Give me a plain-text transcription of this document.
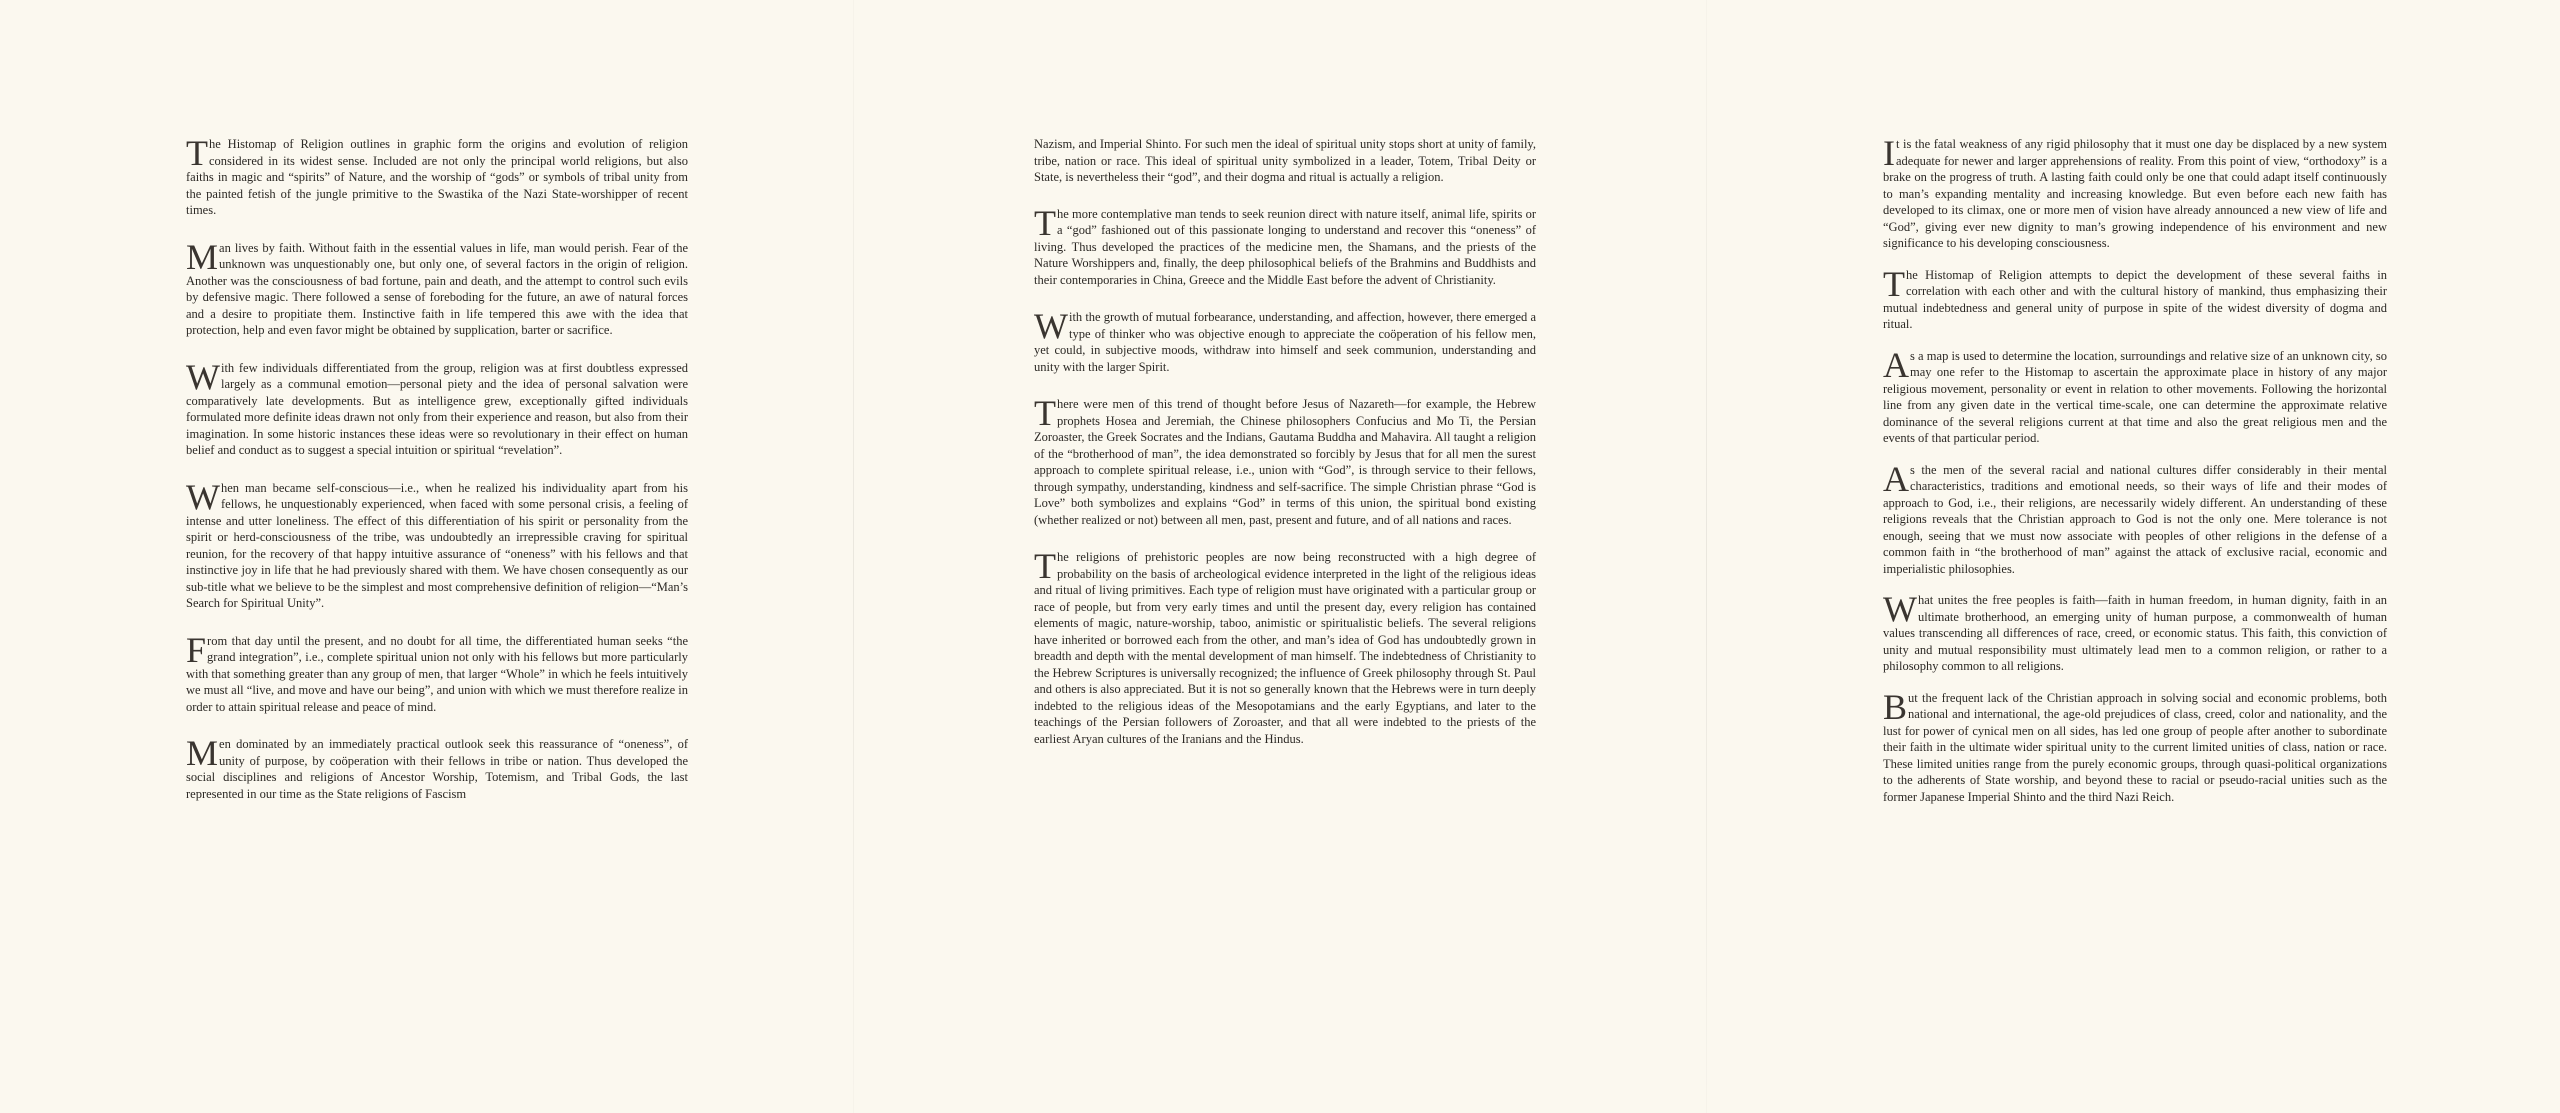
The Histomap of Religion outlines in graphic form the origins and evolution of religion considered in its widest sense. Included are not only the principal world religions, but also faiths in magic and “spirits” of Nature, and the worship of “gods” or symbols of tribal unity from the painted fetish of the jungle primitive to the Swastika of the Nazi State-worshipper of recent times.

Man lives by faith. Without faith in the essential values in life, man would perish. Fear of the unknown was unquestionably one, but only one, of several factors in the origin of religion. Another was the consciousness of bad fortune, pain and death, and the attempt to control such evils by defensive magic. There followed a sense of foreboding for the future, an awe of natural forces and a desire to propitiate them. Instinctive faith in life tempered this awe with the idea that protection, help and even favor might be obtained by supplication, barter or sacrifice.

With few individuals differentiated from the group, religion was at first doubtless expressed largely as a communal emotion—personal piety and the idea of personal salvation were comparatively late developments. But as intelligence grew, exceptionally gifted individuals formulated more definite ideas drawn not only from their experience and reason, but also from their imagination. In some historic instances these ideas were so revolutionary in their effect on human belief and conduct as to suggest a special intuition or spiritual “revelation”.

When man became self-conscious—i.e., when he realized his individuality apart from his fellows, he unquestionably experienced, when faced with some personal crisis, a feeling of intense and utter loneliness. The effect of this differentiation of his spirit or personality from the spirit or herd-consciousness of the tribe, was undoubtedly an irrepressible craving for spiritual reunion, for the recovery of that happy intuitive assurance of “oneness” with his fellows and that instinctive joy in life that he had previously shared with them. We have chosen consequently as our sub-title what we believe to be the simplest and most comprehensive definition of religion—“Man’s Search for Spiritual Unity”.

From that day until the present, and no doubt for all time, the differentiated human seeks “the grand integration”, i.e., complete spiritual union not only with his fellows but more particularly with that something greater than any group of men, that larger “Whole” in which he feels intuitively we must all “live, and move and have our being”, and union with which we must therefore realize in order to attain spiritual release and peace of mind.

Men dominated by an immediately practical outlook seek this reassurance of “oneness”, of unity of purpose, by coöperation with their fellows in tribe or nation. Thus developed the social disciplines and religions of Ancestor Worship, Totemism, and Tribal Gods, the last represented in our time as the State religions of Fascism

Nazism, and Imperial Shinto. For such men the ideal of spiritual unity stops short at unity of family, tribe, nation or race. This ideal of spiritual unity symbolized in a leader, Totem, Tribal Deity or State, is nevertheless their “god”, and their dogma and ritual is actually a religion.

The more contemplative man tends to seek reunion direct with nature itself, animal life, spirits or a “god” fashioned out of this passionate longing to understand and recover this “oneness” of living. Thus developed the practices of the medicine men, the Shamans, and the priests of the Nature Worshippers and, finally, the deep philosophical beliefs of the Brahmins and Buddhists and their contemporaries in China, Greece and the Middle East before the advent of Christianity.

With the growth of mutual forbearance, understanding, and affection, however, there emerged a type of thinker who was objective enough to appreciate the coöperation of his fellow men, yet could, in subjective moods, withdraw into himself and seek communion, understanding and unity with the larger Spirit.

There were men of this trend of thought before Jesus of Nazareth—for example, the Hebrew prophets Hosea and Jeremiah, the Chinese philosophers Confucius and Mo Ti, the Persian Zoroaster, the Greek Socrates and the Indians, Gautama Buddha and Mahavira. All taught a religion of the “brotherhood of man”, the idea demonstrated so forcibly by Jesus that for all men the surest approach to complete spiritual release, i.e., union with “God”, is through service to their fellows, through sympathy, understanding, kindness and self-sacrifice. The simple Christian phrase “God is Love” both symbolizes and explains “God” in terms of this union, the spiritual bond existing (whether realized or not) between all men, past, present and future, and of all nations and races.

The religions of prehistoric peoples are now being reconstructed with a high degree of probability on the basis of archeological evidence interpreted in the light of the religious ideas and ritual of living primitives. Each type of religion must have originated with a particular group or race of people, but from very early times and until the present day, every religion has contained elements of magic, nature-worship, taboo, animistic or spiritualistic beliefs. The several religions have inherited or borrowed each from the other, and man’s idea of God has undoubtedly grown in breadth and depth with the mental development of man himself. The indebtedness of Christianity to the Hebrew Scriptures is universally recognized; the influence of Greek philosophy through St. Paul and others is also appreciated. But it is not so generally known that the Hebrews were in turn deeply indebted to the religious ideas of the Mesopotamians and the early Egyptians, and later to the teachings of the Persian followers of Zoroaster, and that all were indebted to the priests of the earliest Aryan cultures of the Iranians and the Hindus.

It is the fatal weakness of any rigid philosophy that it must one day be displaced by a new system adequate for newer and larger apprehensions of reality. From this point of view, “orthodoxy” is a brake on the progress of truth. A lasting faith could only be one that could adapt itself continuously to man’s expanding mentality and increasing knowledge. But even before each new faith has developed to its climax, one or more men of vision have already announced a new view of life and “God”, giving ever new dignity to man’s growing independence of his environment and new significance to his developing consciousness.

The Histomap of Religion attempts to depict the development of these several faiths in correlation with each other and with the cultural history of mankind, thus emphasizing their mutual indebtedness and general unity of purpose in spite of the widest diversity of dogma and ritual.

As a map is used to determine the location, surroundings and relative size of an unknown city, so may one refer to the Histomap to ascertain the approximate place in history of any major religious movement, personality or event in relation to other movements. Following the horizontal line from any given date in the vertical time-scale, one can determine the approximate relative dominance of the several religions current at that time and also the great religious men and the events of that particular period.

As the men of the several racial and national cultures differ considerably in their mental characteristics, traditions and emotional needs, so their ways of life and their modes of approach to God, i.e., their religions, are necessarily widely different. An understanding of these religions reveals that the Christian approach to God is not the only one. Mere tolerance is not enough, seeing that we must now associate with peoples of other religions in the defense of a common faith in “the brotherhood of man” against the attack of exclusive racial, economic and imperialistic philosophies.

What unites the free peoples is faith—faith in human freedom, in human dignity, faith in an ultimate brotherhood, an emerging unity of human purpose, a commonwealth of human values transcending all differences of race, creed, or economic status. This faith, this conviction of unity and mutual responsibility must ultimately lead men to a common religion, or rather to a philosophy common to all religions.

But the frequent lack of the Christian approach in solving social and economic problems, both national and international, the age-old prejudices of class, creed, color and nationality, and the lust for power of cynical men on all sides, has led one group of people after another to subordinate their faith in the ultimate wider spiritual unity to the current limited unities of class, nation or race. These limited unities range from the purely economic groups, through quasi-political organizations to the adherents of State worship, and beyond these to racial or pseudo-racial unities such as the former Japanese Imperial Shinto and the third Nazi Reich.
